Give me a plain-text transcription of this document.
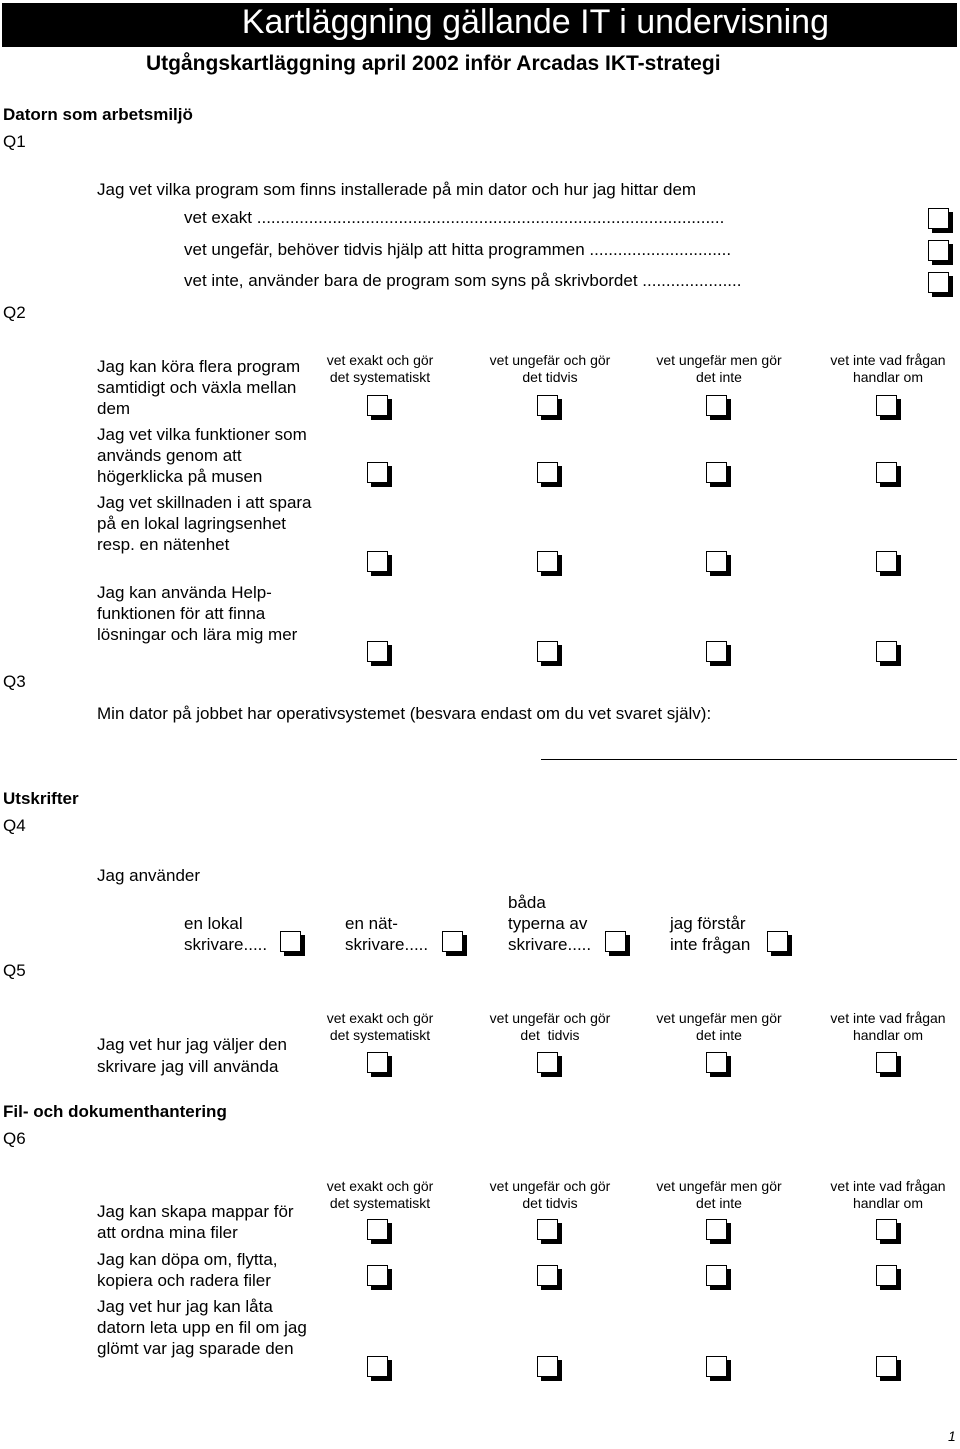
Kartläggning gällande IT i undervisning
Utgångskartläggning april 2002 inför Arcadas IKT-strategi
Datorn som arbetsmiljö
Q1
Jag vet vilka program som finns installerade på min dator och hur jag hittar dem
vet exakt ...................................................................................................
vet ungefär, behöver tidvis hjälp att hitta programmen ..............................
vet inte, använder bara de program som syns på skrivbordet .....................
Q2
vet exakt och gör
det systematiskt
vet ungefär och gör
det tidvis
vet ungefär men gör
det inte
vet inte vad frågan
handlar om
Jag kan köra flera program samtidigt och växla mellan dem
Jag vet vilka funktioner som används genom att högerklicka på musen
Jag vet skillnaden i att spara på en lokal lagringsenhet resp. en nätenhet
Jag kan använda Help-funktionen för att finna lösningar och lära mig mer
Q3
Min dator på jobbet har operativsystemet (besvara endast om du vet svaret själv):
Utskrifter
Q4
Jag använder
en lokal
skrivare.....
en nät-
skrivare.....
båda
typerna av
skrivare.....
jag förstår
inte frågan
Q5
vet exakt och gör
det systematiskt
vet ungefär och gör
det  tidvis
vet ungefär men gör
det inte
vet inte vad frågan
handlar om
Jag vet hur jag väljer den
skrivare jag vill använda
Fil- och dokumenthantering
Q6
vet exakt och gör
det systematiskt
vet ungefär och gör
det tidvis
vet ungefär men gör
det inte
vet inte vad frågan
handlar om
Jag kan skapa mappar för att ordna mina filer
Jag kan döpa om, flytta, kopiera och radera filer
Jag vet hur jag kan låta datorn leta upp en fil om jag glömt var jag sparade den
1
